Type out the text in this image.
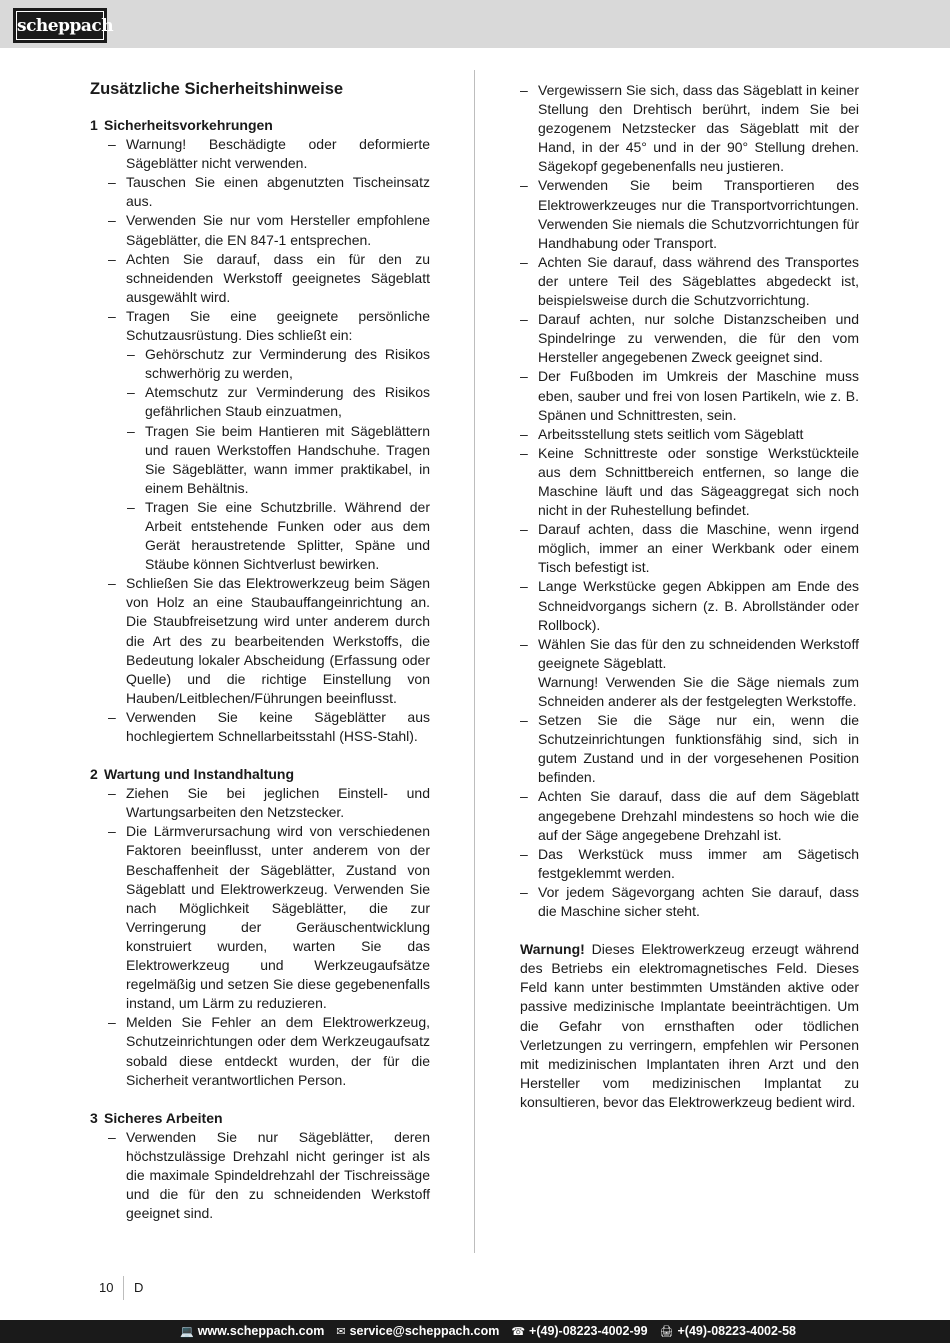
scheppach
Zusätzliche Sicherheitshinweise
1 Sicherheitsvorkehrungen
– Warnung! Beschädigte oder deformierte Sägeblätter nicht verwenden.
– Tauschen Sie einen abgenutzten Tischeinsatz aus.
– Verwenden Sie nur vom Hersteller empfohlene Sägeblätter, die EN 847-1 entsprechen.
– Achten Sie darauf, dass ein für den zu schneidenden Werkstoff geeignetes Sägeblatt ausgewählt wird.
– Tragen Sie eine geeignete persönliche Schutzausrüstung. Dies schließt ein:
– Gehörschutz zur Verminderung des Risikos schwerhörig zu werden,
– Atemschutz zur Verminderung des Risikos gefährlichen Staub einzuatmen,
– Tragen Sie beim Hantieren mit Sägeblättern und rauen Werkstoffen Handschuhe. Tragen Sie Sägeblätter, wann immer praktikabel, in einem Behältnis.
– Tragen Sie eine Schutzbrille. Während der Arbeit entstehende Funken oder aus dem Gerät heraustretende Splitter, Späne und Stäube können Sichtverlust bewirken.
– Schließen Sie das Elektrowerkzeug beim Sägen von Holz an eine Staubauffangeinrichtung an. Die Staubfreisetzung wird unter anderem durch die Art des zu bearbeitenden Werkstoffs, die Bedeutung lokaler Abscheidung (Erfassung oder Quelle) und die richtige Einstellung von Hauben/Leitblechen/Führungen beeinflusst.
– Verwenden Sie keine Sägeblätter aus hochlegiertem Schnellarbeitsstahl (HSS-Stahl).
2 Wartung und Instandhaltung
– Ziehen Sie bei jeglichen Einstell- und Wartungsarbeiten den Netzstecker.
– Die Lärmverursachung wird von verschiedenen Faktoren beeinflusst, unter anderem von der Beschaffenheit der Sägeblätter, Zustand von Sägeblatt und Elektrowerkzeug. Verwenden Sie nach Möglichkeit Sägeblätter, die zur Verringerung der Geräuschentwicklung konstruiert wurden, warten Sie das Elektrowerkzeug und Werkzeugaufsätze regelmäßig und setzen Sie diese gegebenenfalls instand, um Lärm zu reduzieren.
– Melden Sie Fehler an dem Elektrowerkzeug, Schutzeinrichtungen oder dem Werkzeugaufsatz sobald diese entdeckt wurden, der für die Sicherheit verantwortlichen Person.
3 Sicheres Arbeiten
– Verwenden Sie nur Sägeblätter, deren höchstzulässige Drehzahl nicht geringer ist als die maximale Spindeldrehzahl der Tischreissäge und die für den zu schneidenden Werkstoff geeignet sind.
– Vergewissern Sie sich, dass das Sägeblatt in keiner Stellung den Drehtisch berührt, indem Sie bei gezogenem Netzstecker das Sägeblatt mit der Hand, in der 45° und in der 90° Stellung drehen. Sägekopf gegebenenfalls neu justieren.
– Verwenden Sie beim Transportieren des Elektrowerkzeuges nur die Transportvorrichtungen. Verwenden Sie niemals die Schutzvorrichtungen für Handhabung oder Transport.
– Achten Sie darauf, dass während des Transportes der untere Teil des Sägeblattes abgedeckt ist, beispielsweise durch die Schutzvorrichtung.
– Darauf achten, nur solche Distanzscheiben und Spindelringe zu verwenden, die für den vom Hersteller angegebenen Zweck geeignet sind.
– Der Fußboden im Umkreis der Maschine muss eben, sauber und frei von losen Partikeln, wie z. B. Spänen und Schnittresten, sein.
– Arbeitsstellung stets seitlich vom Sägeblatt
– Keine Schnittreste oder sonstige Werkstückteile aus dem Schnittbereich entfernen, so lange die Maschine läuft und das Sägeaggregat sich noch nicht in der Ruhestellung befindet.
– Darauf achten, dass die Maschine, wenn irgend möglich, immer an einer Werkbank oder einem Tisch befestigt ist.
– Lange Werkstücke gegen Abkippen am Ende des Schneidvorgangs sichern (z. B. Abrollständer oder Rollbock).
– Wählen Sie das für den zu schneidenden Werkstoff geeignete Sägeblatt.
Warnung! Verwenden Sie die Säge niemals zum Schneiden anderer als der festgelegten Werkstoffe.
– Setzen Sie die Säge nur ein, wenn die Schutzeinrichtungen funktionsfähig sind, sich in gutem Zustand und in der vorgesehenen Position befinden.
– Achten Sie darauf, dass die auf dem Sägeblatt angegebene Drehzahl mindestens so hoch wie die auf der Säge angegebene Drehzahl ist.
– Das Werkstück muss immer am Sägetisch festgeklemmt werden.
– Vor jedem Sägevorgang achten Sie darauf, dass die Maschine sicher steht.
Warnung! Dieses Elektrowerkzeug erzeugt während des Betriebs ein elektromagnetisches Feld. Dieses Feld kann unter bestimmten Umständen aktive oder passive medizinische Implantate beeinträchtigen. Um die Gefahr von ernsthaften oder tödlichen Verletzungen zu verringern, empfehlen wir Personen mit medizinischen Implantaten ihren Arzt und den Hersteller vom medizinischen Implantat zu konsultieren, bevor das Elektrowerkzeug bedient wird.
10 D
💻 www.scheppach.com ✉ service@scheppach.com ☎ +(49)-08223-4002-99 🖨 +(49)-08223-4002-58
